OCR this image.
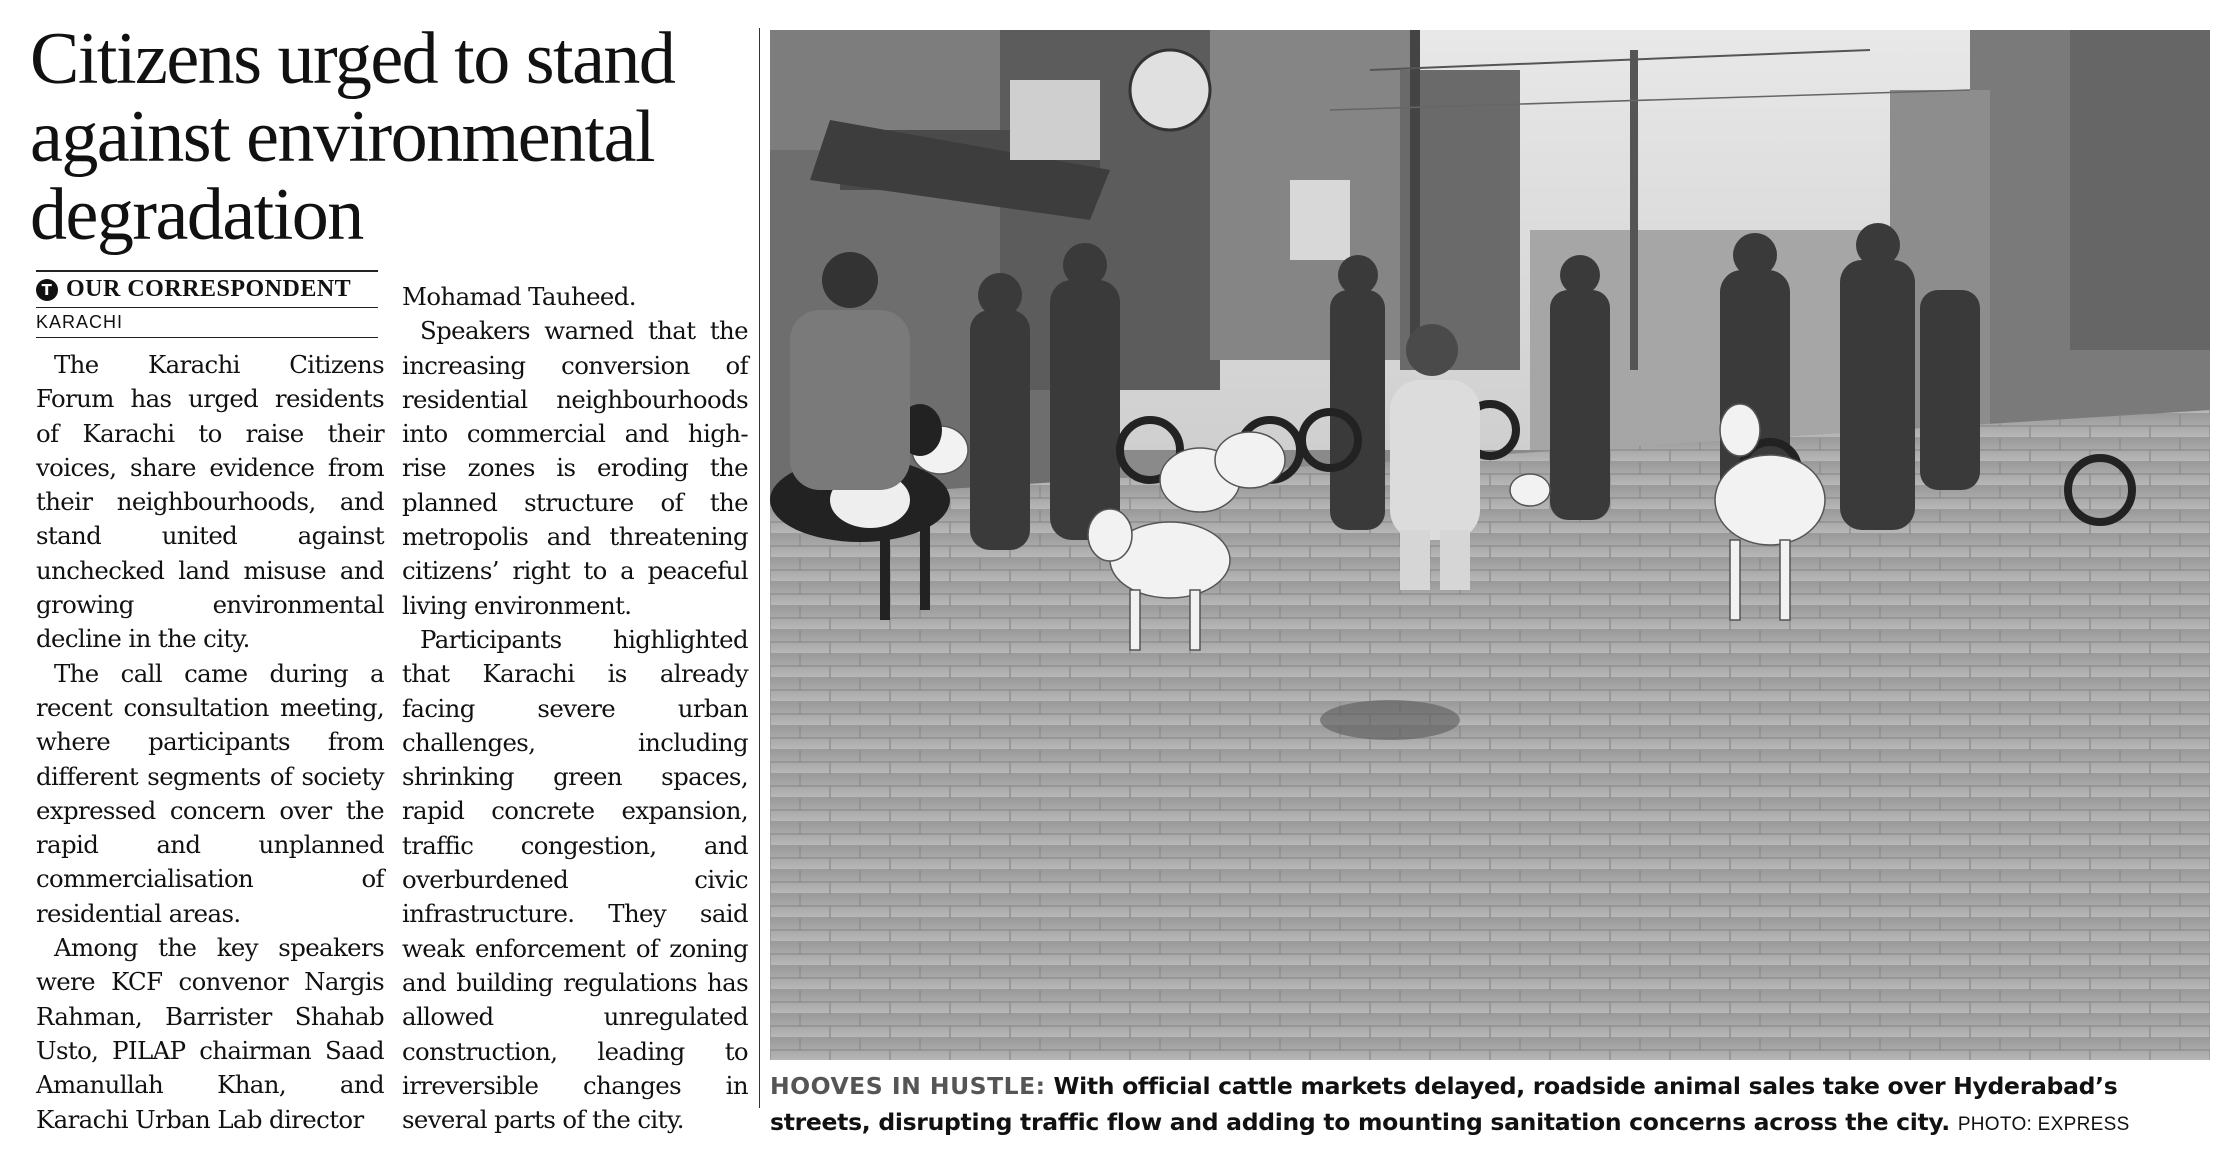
Citizens urged to stand against environmental degradation
T OUR CORRESPONDENT
KARACHI

The Karachi Citizens Forum has urged residents of Karachi to raise their voices, share evidence from their neighbourhoods, and stand united against unchecked land misuse and growing environmental decline in the city.

The call came during a recent consultation meeting, where participants from different segments of society expressed concern over the rapid and unplanned commercialisation of residential areas.

Among the key speakers were KCF convenor Nargis Rahman, Barrister Shahab Usto, PILAP chairman Saad Amanullah Khan, and Karachi Urban Lab director

Mohamad Tauheed.

Speakers warned that the increasing conversion of residential neighbourhoods into commercial and high-rise zones is eroding the planned structure of the metropolis and threatening citizens’ right to a peaceful living environment.

Participants highlighted that Karachi is already facing severe urban challenges, including shrinking green spaces, rapid concrete expansion, traffic congestion, and overburdened civic infrastructure. They said weak enforcement of zoning and building regulations has allowed unregulated construction, leading to irreversible changes in several parts of the city.

HOOVES IN HUSTLE: With official cattle markets delayed, roadside animal sales take over Hyderabad’s streets, disrupting traffic flow and adding to mounting sanitation concerns across the city. PHOTO: EXPRESS
